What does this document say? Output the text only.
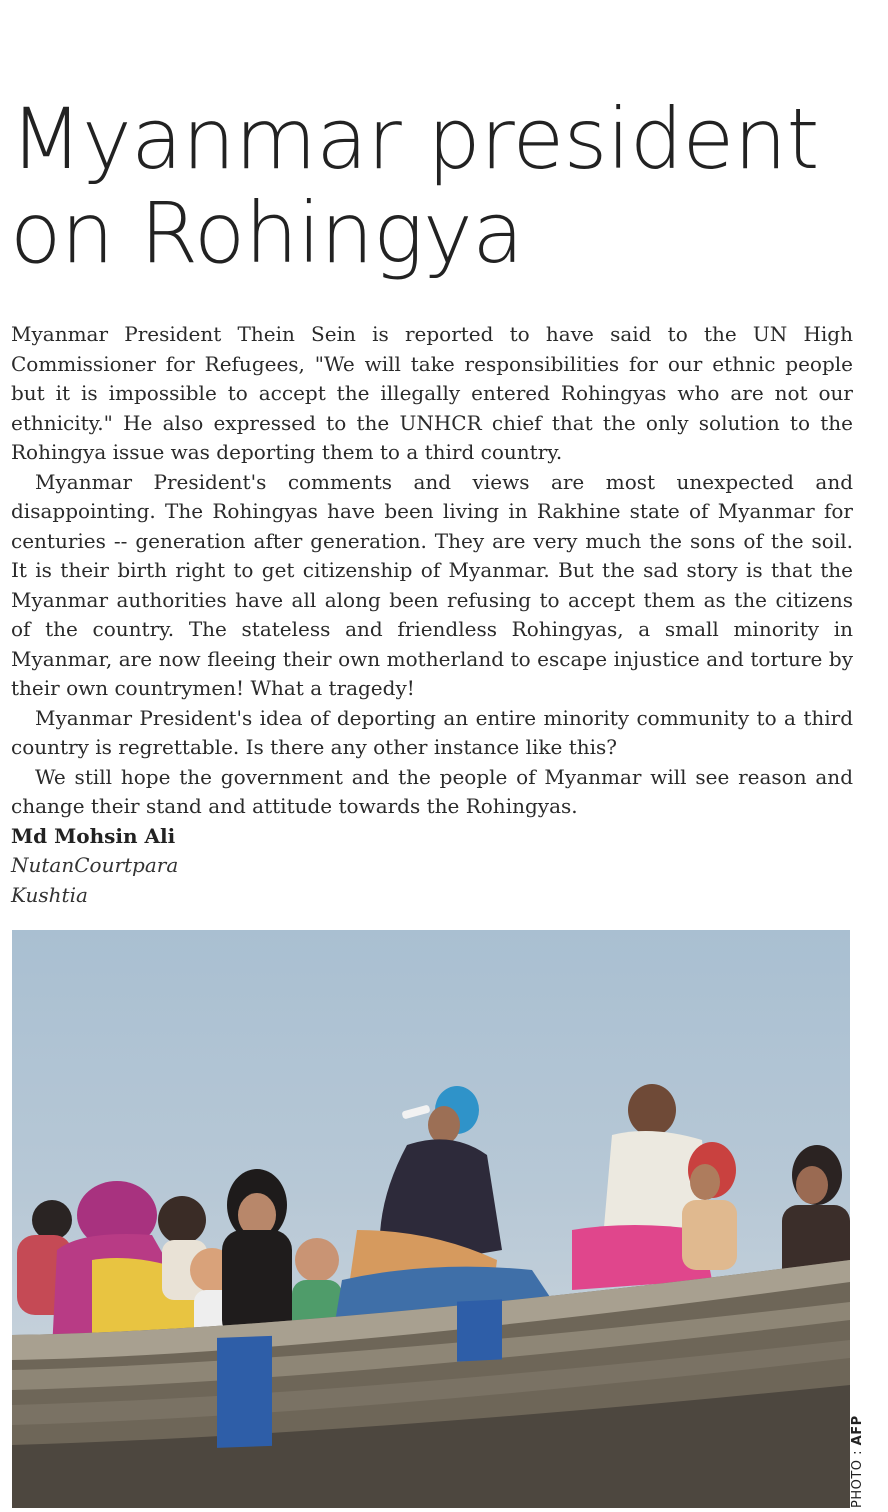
Myanmar president
on Rohingya

Myanmar President Thein Sein is reported to have said to the UN High Commissioner for Refugees, "We will take responsibilities for our ethnic people but it is impossible to accept the illegally entered Rohingyas who are not our ethnicity." He also expressed to the UNHCR chief that the only solution to the Rohingya issue was deporting them to a third country.

Myanmar President's comments and views are most unexpected and disappointing. The Rohingyas have been living in Rakhine state of Myanmar for centuries -- generation after generation. They are very much the sons of the soil. It is their birth right to get citizenship of Myanmar. But the sad story is that the Myanmar authorities have all along been refusing to accept them as the citizens of the country. The stateless and friendless Rohingyas, a small minority in Myanmar, are now fleeing their own motherland to escape injustice and torture by their own countrymen! What a tragedy!

Myanmar President's idea of deporting an entire minority community to a third country is regrettable. Is there any other instance like this?

We still hope the government and the people of Myanmar will see reason and change their stand and attitude towards the Rohingyas.

Md Mohsin Ali
NutanCourtpara
Kushtia
PHOTO : AFP
